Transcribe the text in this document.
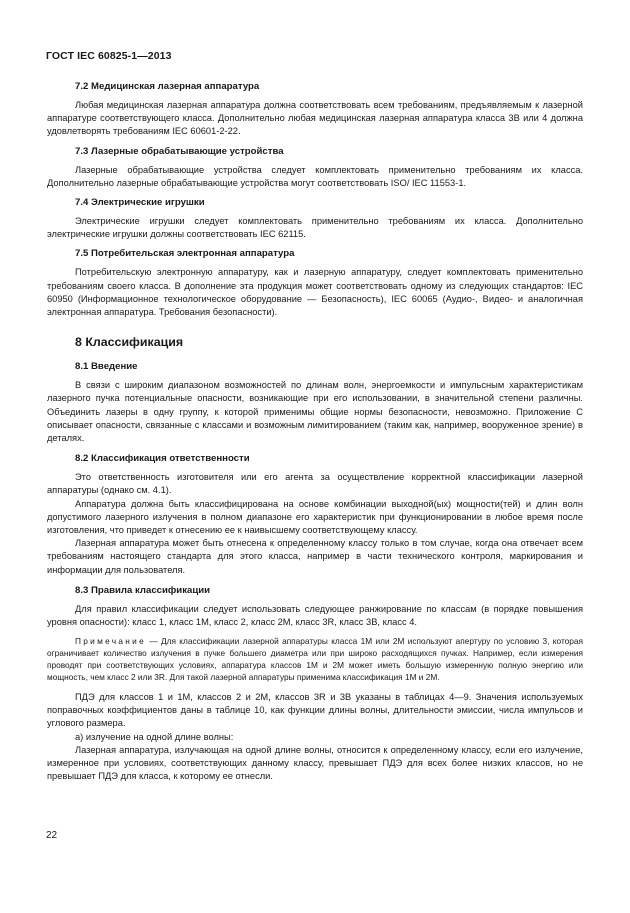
ГОСТ IEC 60825-1—2013
7.2 Медицинская лазерная аппаратура

Любая медицинская лазерная аппаратура должна соответствовать всем требованиям, предъявляемым к лазерной аппаратуре соответствующего класса. Дополнительно любая медицинская лазерная аппаратура класса 3В или 4 должна удовлетворять требованиям IEC 60601-2-22.

7.3 Лазерные обрабатывающие устройства

Лазерные обрабатывающие устройства следует комплектовать применительно требованиям их класса. Дополнительно лазерные обрабатывающие устройства могут соответствовать ISO/ IEC 11553-1.

7.4 Электрические игрушки

Электрические игрушки следует комплектовать применительно требованиям их класса. Дополнительно электрические игрушки должны соответствовать IEC 62115.

7.5 Потребительская электронная аппаратура

Потребительскую электронную аппаратуру, как и лазерную аппаратуру, следует комплектовать применительно требованиям своего класса. В дополнение эта продукция может соответствовать одному из следующих стандартов: IEC 60950 (Информационное технологическое оборудование — Безопасность), IEC 60065 (Аудио-, Видео- и аналогичная электронная аппаратура. Требования безопасности).

8 Классификация
8.1 Введение

В связи с широким диапазоном возможностей по длинам волн, энергоемкости и импульсным характеристикам лазерного пучка потенциальные опасности, возникающие при его использовании, в значительной степени различны. Объединить лазеры в одну группу, к которой применимы общие нормы безопасности, невозможно. Приложение С описывает опасности, связанные с классами и возможным лимитированием (таким как, например, вооруженное зрение) в деталях.

8.2 Классификация ответственности

Это ответственность изготовителя или его агента за осуществление корректной классификации лазерной аппаратуры (однако см. 4.1).

Аппаратура должна быть классифицирована на основе комбинации выходной(ых) мощности(тей) и длин волн допустимого лазерного излучения в полном диапазоне его характеристик при функционировании в любое время после изготовления, что приведет к отнесению ее к наивысшему соответствующему классу.

Лазерная аппаратура может быть отнесена к определенному классу только в том случае, когда она отвечает всем требованиям настоящего стандарта для этого класса, например в части технического контроля, маркирования и информации для пользователя.

8.3 Правила классификации

Для правил классификации следует использовать следующее ранжирование по классам (в порядке повышения уровня опасности): класс 1, класс 1М, класс 2, класс 2М, класс 3R, класс 3B, класс 4.

Примечание — Для классификации лазерной аппаратуры класса 1М или 2М используют апертуру по условию 3, которая ограничивает количество излучения в пучке большего диаметра или при широко расходящихся пучках. Например, если измерения проводят при соответствующих условиях, аппаратура классов 1М и 2М может иметь большую измеренную полную энергию или мощность, чем класс 2 или 3R. Для такой лазерной аппаратуры применима классификация 1М и 2М.

ПДЭ для классов 1 и 1М, классов 2 и 2М, классов 3R и 3В указаны в таблицах 4—9. Значения используемых поправочных коэффициентов даны в таблице 10, как функции длины волны, длительности эмиссии, числа импульсов и углового размера.

а) излучение на одной длине волны:

Лазерная аппаратура, излучающая на одной длине волны, относится к определенному классу, если его излучение, измеренное при условиях, соответствующих данному классу, превышает ПДЭ для всех более низких классов, но не превышает ПДЭ для класса, к которому ее отнесли.

22
